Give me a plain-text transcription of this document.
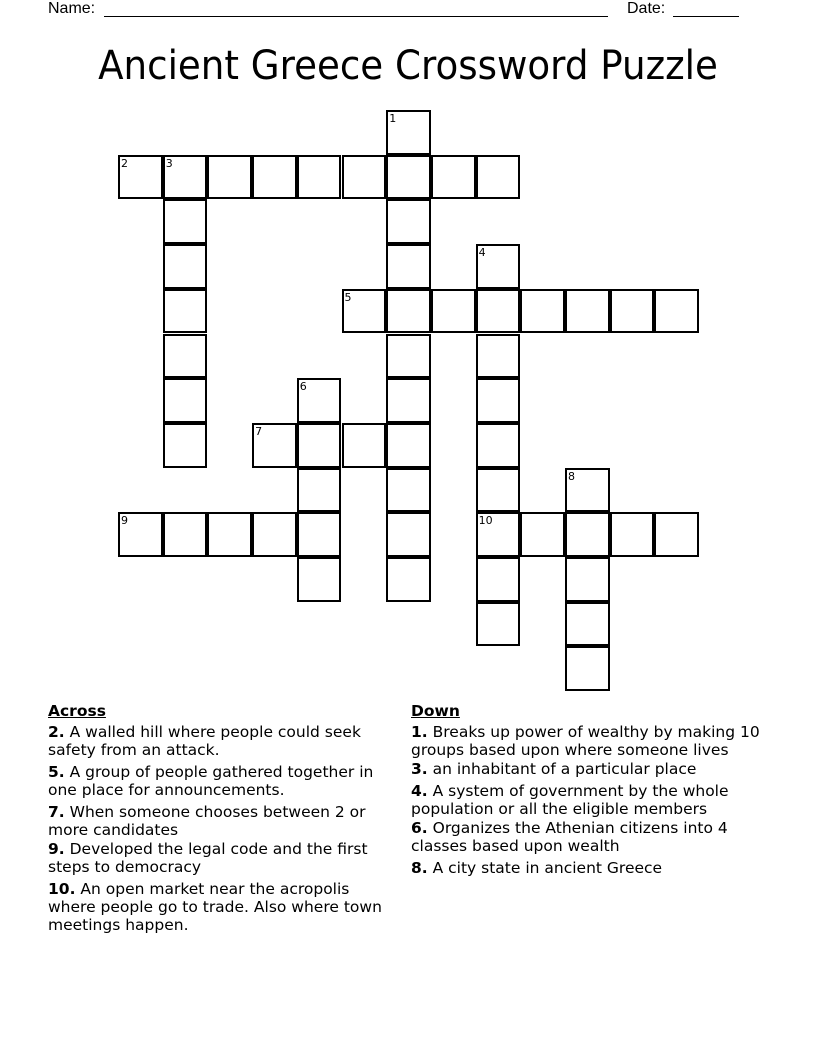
Name:	Date:
Ancient Greece Crossword Puzzle
1
2	3
4
10
5
6
7
8
9
Across
2. A walled hill where people could seek safety from an attack.
5. A group of people gathered together in one place for announcements.
7. When someone chooses between 2 or more candidates
9. Developed the legal code and the first steps to democracy
10. An open market near the acropolis where people go to trade. Also where town meetings happen.
Down
1. Breaks up power of wealthy by making 10 groups based upon where someone lives
3. an inhabitant of a particular place
4. A system of government by the whole population or all the eligible members
6. Organizes the Athenian citizens into 4 classes based upon wealth
8. A city state in ancient Greece
